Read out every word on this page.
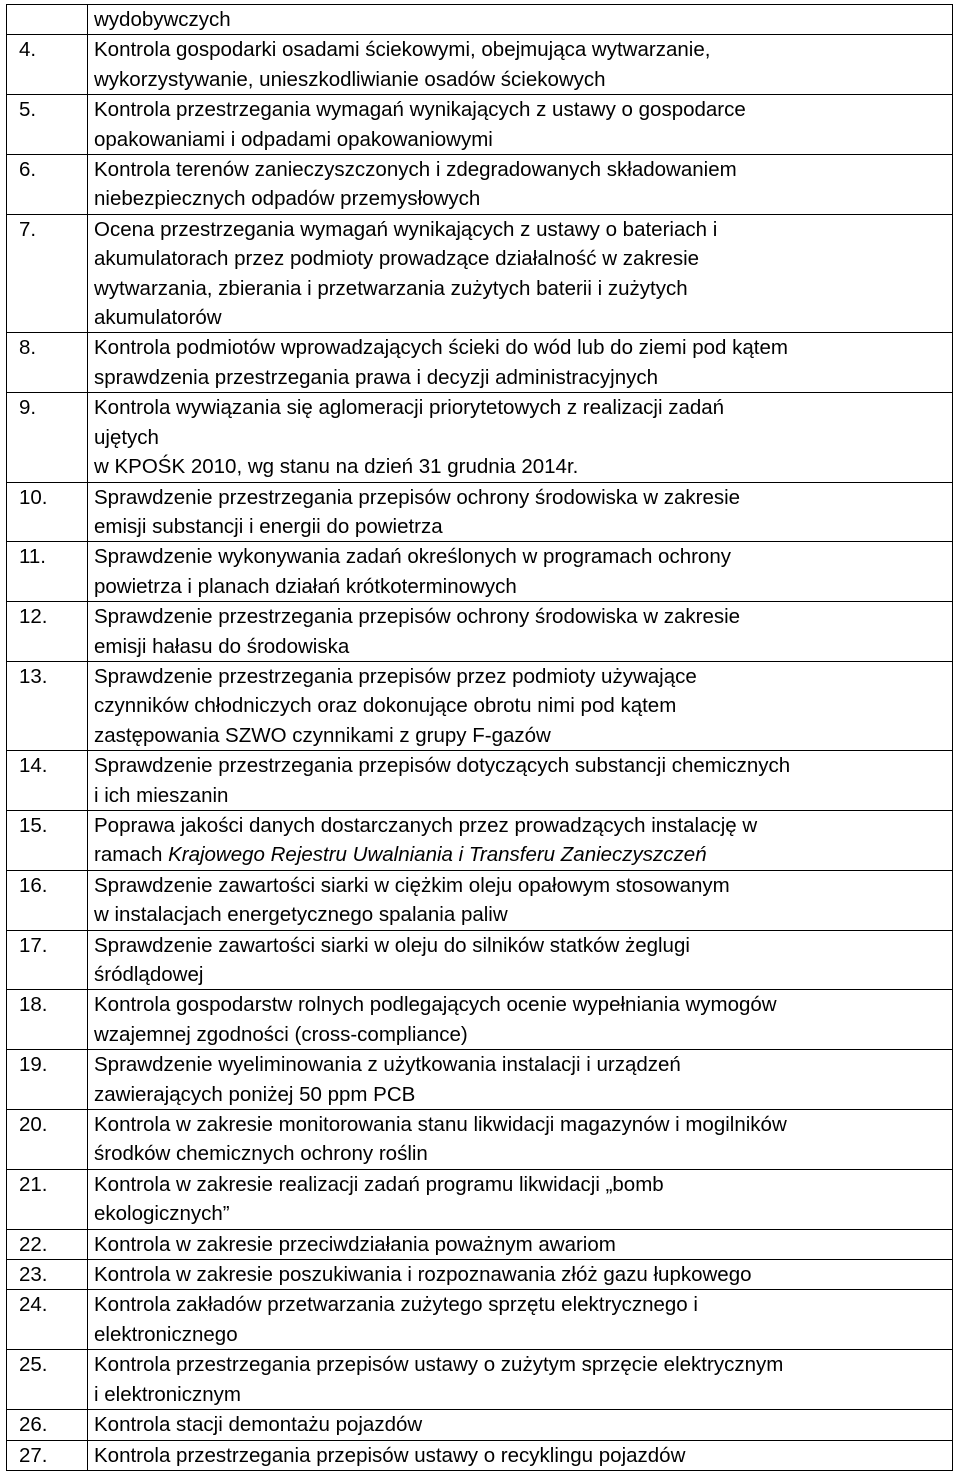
	wydobywczych

4.	Kontrola gospodarki osadami ściekowymi, obejmująca wytwarzanie,
wykorzystywanie, unieszkodliwianie osadów ściekowych

5.	Kontrola przestrzegania wymagań wynikających z ustawy o gospodarce
opakowaniami i odpadami opakowaniowymi

6.	Kontrola terenów zanieczyszczonych i zdegradowanych składowaniem
niebezpiecznych odpadów przemysłowych

7.	Ocena przestrzegania wymagań wynikających z ustawy o bateriach i
akumulatorach przez podmioty prowadzące działalność w zakresie
wytwarzania, zbierania i przetwarzania zużytych baterii i zużytych
akumulatorów

8.	Kontrola podmiotów wprowadzających ścieki do wód lub do ziemi pod kątem
sprawdzenia przestrzegania prawa i decyzji administracyjnych

9.	Kontrola wywiązania się aglomeracji priorytetowych z realizacji zadań
ujętych
w KPOŚK 2010, wg stanu na dzień 31 grudnia 2014r.

10.	Sprawdzenie przestrzegania przepisów ochrony środowiska w zakresie
emisji substancji i energii do powietrza

11.	Sprawdzenie wykonywania zadań określonych w programach ochrony
powietrza i planach działań krótkoterminowych

12.	Sprawdzenie przestrzegania przepisów ochrony środowiska w zakresie
emisji hałasu do środowiska

13.	Sprawdzenie przestrzegania przepisów przez podmioty używające
czynników chłodniczych oraz dokonujące obrotu nimi pod kątem
zastępowania SZWO czynnikami z grupy F-gazów

14.	Sprawdzenie przestrzegania przepisów dotyczących substancji chemicznych
i ich mieszanin

15.	Poprawa jakości danych dostarczanych przez prowadzących instalację w
ramach Krajowego Rejestru Uwalniania i Transferu Zanieczyszczeń

16.	Sprawdzenie zawartości siarki w ciężkim oleju opałowym stosowanym
w instalacjach energetycznego spalania paliw

17.	Sprawdzenie zawartości siarki w oleju do silników statków żeglugi
śródlądowej

18.	Kontrola gospodarstw rolnych podlegających ocenie wypełniania wymogów
wzajemnej zgodności (cross-compliance)

19.	Sprawdzenie wyeliminowania z użytkowania instalacji i urządzeń
zawierających poniżej 50 ppm PCB

20.	Kontrola w zakresie monitorowania stanu likwidacji magazynów i mogilników
środków chemicznych ochrony roślin

21.	Kontrola w zakresie realizacji zadań programu likwidacji „bomb
ekologicznych”

22.	Kontrola w zakresie przeciwdziałania poważnym awariom

23.	Kontrola w zakresie poszukiwania i rozpoznawania złóż gazu łupkowego

24.	Kontrola zakładów przetwarzania zużytego sprzętu elektrycznego i
elektronicznego

25.	Kontrola przestrzegania przepisów ustawy o zużytym sprzęcie elektrycznym
i elektronicznym

26.	Kontrola stacji demontażu pojazdów

27.	Kontrola przestrzegania przepisów ustawy o recyklingu pojazdów
